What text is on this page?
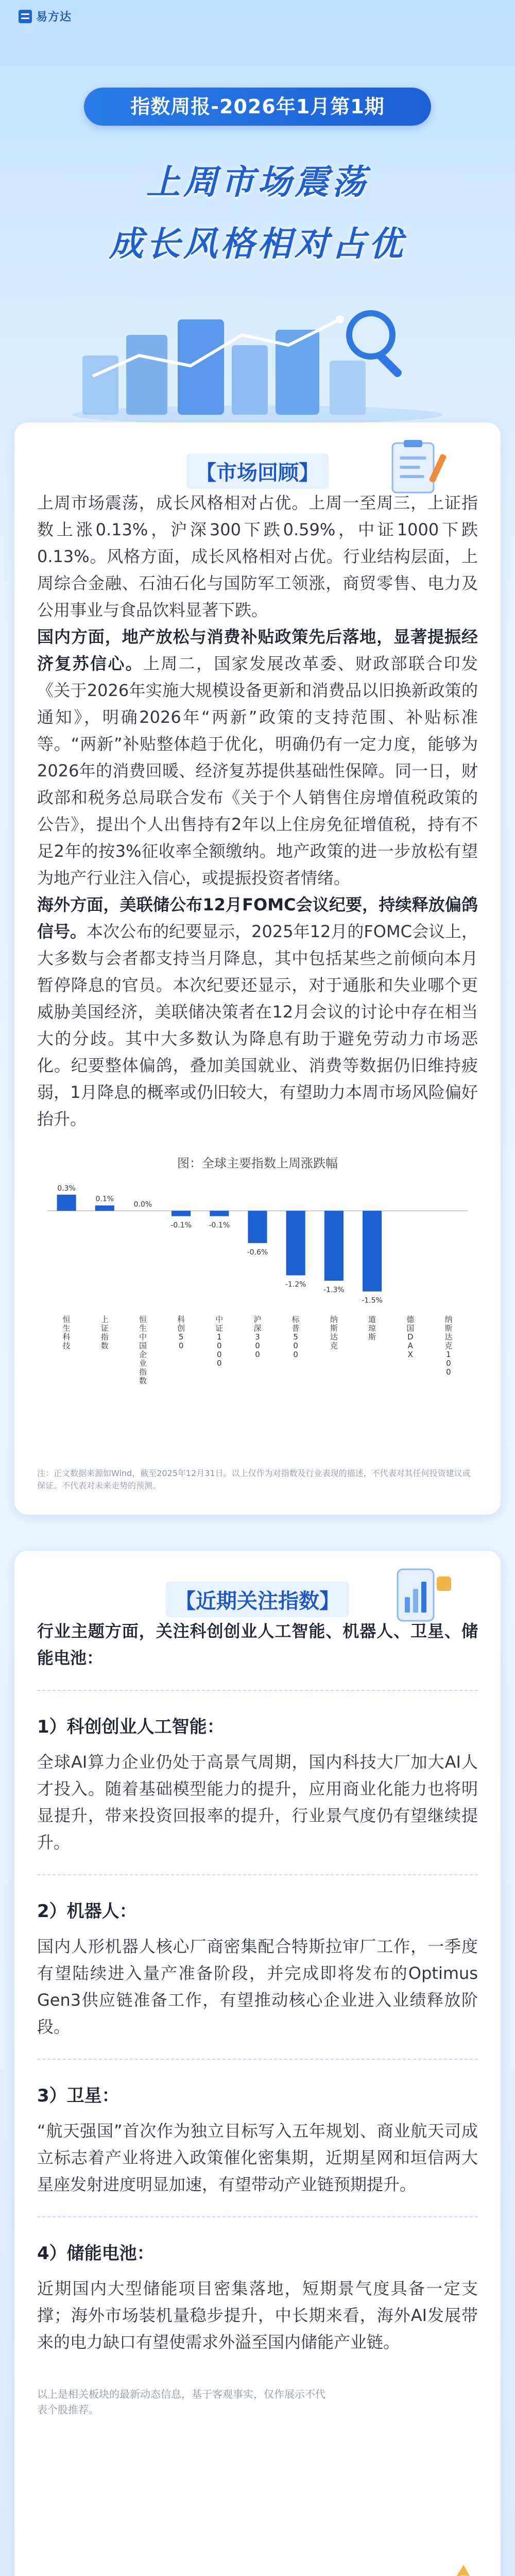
易方达
指数周报-2026年1月第1期
上周市场震荡
成长风格相对占优
【市场回顾】

上周市场震荡，成长风格相对占优。上周一至周三，上证指数上涨0.13%，沪深300下跌0.59%，中证1000下跌0.13%。风格方面，成长风格相对占优。行业结构层面，上周综合金融、石油石化与国防军工领涨，商贸零售、电力及公用事业与食品饮料显著下跌。

国内方面，地产放松与消费补贴政策先后落地，显著提振经济复苏信心。上周二，国家发展改革委、财政部联合印发《关于2026年实施大规模设备更新和消费品以旧换新政策的通知》，明确2026年“两新”政策的支持范围、补贴标准等。“两新”补贴整体趋于优化，明确仍有一定力度，能够为2026年的消费回暖、经济复苏提供基础性保障。同一日，财政部和税务总局联合发布《关于个人销售住房增值税政策的公告》，提出个人出售持有2年以上住房免征增值税，持有不足2年的按3%征收率全额缴纳。地产政策的进一步放松有望为地产行业注入信心，或提振投资者情绪。

海外方面，美联储公布12月FOMC会议纪要，持续释放偏鸽信号。本次公布的纪要显示，2025年12月的FOMC会议上，大多数与会者都支持当月降息，其中包括某些之前倾向本月暂停降息的官员。本次纪要还显示，对于通胀和失业哪个更威胁美国经济，美联储决策者在12月会议的讨论中存在相当大的分歧。其中大多数认为降息有助于避免劳动力市场恶化。纪要整体偏鸽，叠加美国就业、消费等数据仍旧维持疲弱，1月降息的概率或仍旧较大，有望助力本周市场风险偏好抬升。

图：全球主要指数上周涨跌幅
0.3%
恒生科技
0.1%
上证指数
0.0%
恒生中国企业指数
-0.1%
科创 5 0
-0.1%
中证 1 0 0 0
-0.6%
沪深 3 0 0
-1.2%
标普 5 0 0
-1.3%
纳斯达克
-1.5%
道琼斯
德国 D A X
纳斯达克 1 0 0
注：正文数据来源如Wind，截至2025年12月31日。以上仅作为对指数及行业表现的描述，不代表对其任何投资建议或保证。不代表对未来走势的预测。
【近期关注指数】

行业主题方面，关注科创创业人工智能、机器人、卫星、储能电池：

1）科创创业人工智能：

全球AI算力企业仍处于高景气周期，国内科技大厂加大AI人才投入。随着基础模型能力的提升，应用商业化能力也将明显提升，带来投资回报率的提升，行业景气度仍有望继续提升。

2）机器人：

国内人形机器人核心厂商密集配合特斯拉审厂工作，一季度有望陆续进入量产准备阶段，并完成即将发布的Optimus Gen3供应链准备工作，有望推动核心企业进入业绩释放阶段。

3）卫星：

“航天强国”首次作为独立目标写入五年规划、商业航天司成立标志着产业将进入政策催化密集期，近期星网和垣信两大星座发射进度明显加速，有望带动产业链预期提升。

4）储能电池：

近期国内大型储能项目密集落地，短期景气度具备一定支撑；海外市场装机量稳步提升，中长期来看，海外AI发展带来的电力缺口有望使需求外溢至国内储能产业链。

以上是相关板块的最新动态信息，基于客观事实，仅作展示不代表个股推荐。
